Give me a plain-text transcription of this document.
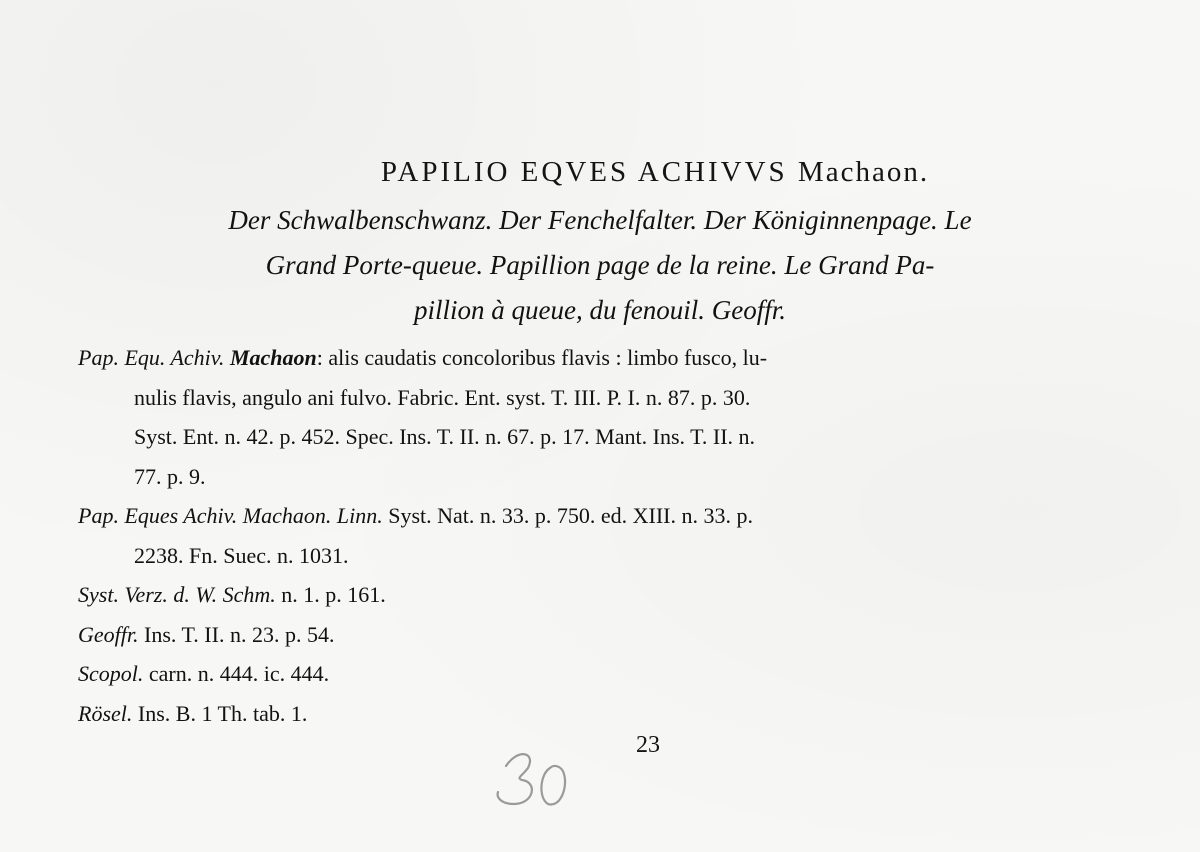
PAPILIO EQVES ACHIVVS Machaon.

Der Schwalbenschwanz. Der Fenchelfalter. Der Königinnenpage. Le

Grand Porte-queue. Papillion page de la reine. Le Grand Pa-

pillion à queue, du fenouil. Geoffr.

Pap. Equ. Achiv. Machaon: alis caudatis concoloribus flavis : limbo fusco, lu-
nulis flavis, angulo ani fulvo. Fabric. Ent. syst. T. III. P. I. n. 87. p. 30.
Syst. Ent. n. 42. p. 452. Spec. Ins. T. II. n. 67. p. 17. Mant. Ins. T. II. n.
77. p. 9.

Pap. Eques Achiv. Machaon. Linn. Syst. Nat. n. 33. p. 750. ed. XIII. n. 33. p.
2238. Fn. Suec. n. 1031.

Syst. Verz. d. W. Schm. n. 1. p. 161.

Geoffr. Ins. T. II. n. 23. p. 54.

Scopol. carn. n. 444. ic. 444.

Rösel. Ins. B. 1 Th. tab. 1.

23
